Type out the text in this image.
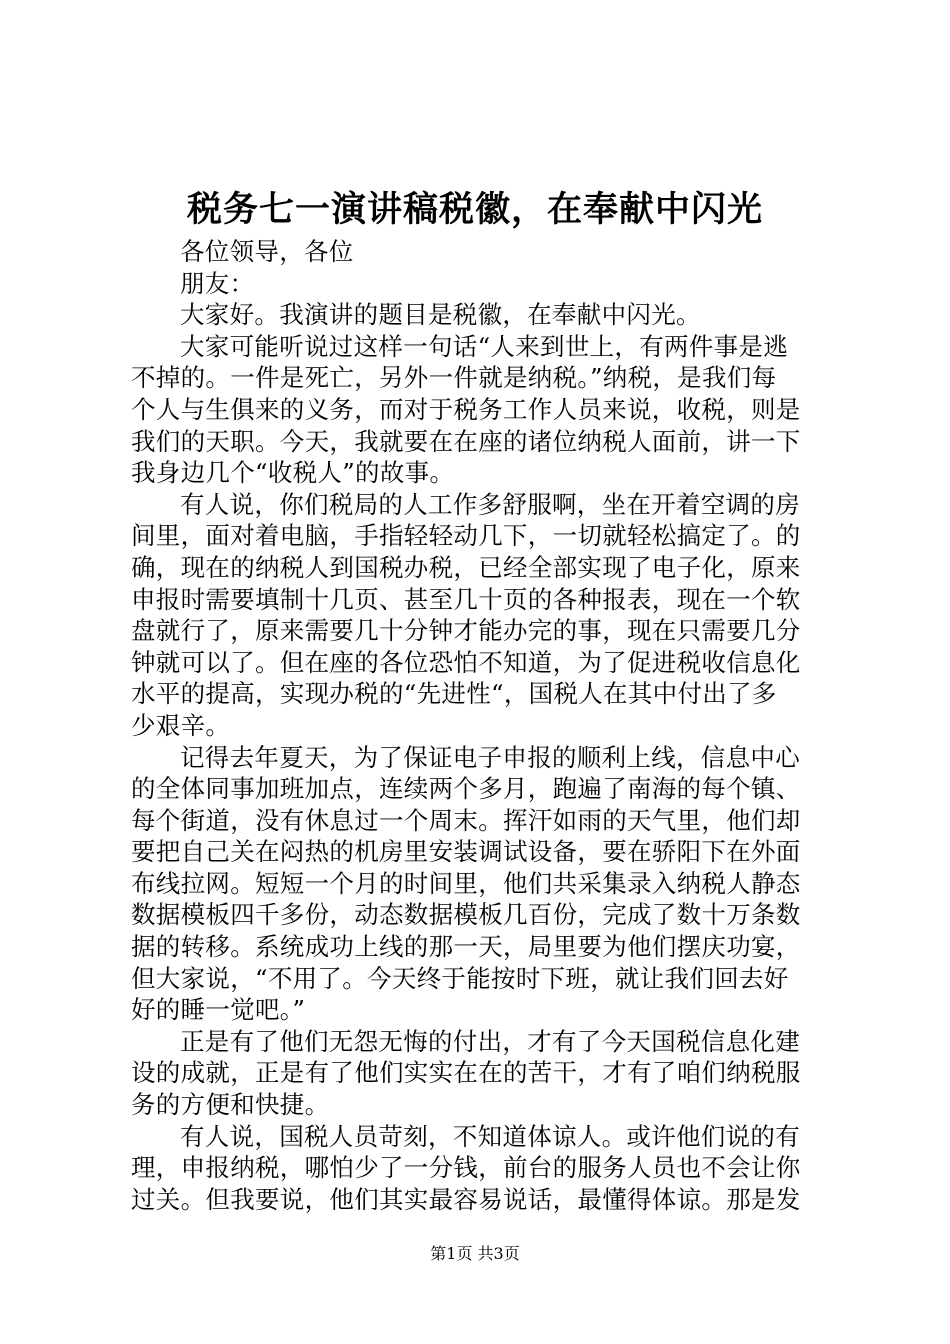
税务七一演讲稿税徽，在奉献中闪光
各位领导，各位
朋友：
大家好。我演讲的题目是税徽，在奉献中闪光。
大家可能听说过这样一句话“人来到世上，有两件事是逃
不掉的。一件是死亡，另外一件就是纳税。”纳税，是我们每
个人与生俱来的义务，而对于税务工作人员来说，收税，则是
我们的天职。今天，我就要在在座的诸位纳税人面前，讲一下
我身边几个“收税人”的故事。
有人说，你们税局的人工作多舒服啊，坐在开着空调的房
间里，面对着电脑，手指轻轻动几下，一切就轻松搞定了。的
确，现在的纳税人到国税办税，已经全部实现了电子化，原来
申报时需要填制十几页、甚至几十页的各种报表，现在一个软
盘就行了，原来需要几十分钟才能办完的事，现在只需要几分
钟就可以了。但在座的各位恐怕不知道，为了促进税收信息化
水平的提高，实现办税的“先进性“，国税人在其中付出了多
少艰辛。
记得去年夏天，为了保证电子申报的顺利上线，信息中心
的全体同事加班加点，连续两个多月，跑遍了南海的每个镇、
每个街道，没有休息过一个周末。挥汗如雨的天气里，他们却
要把自己关在闷热的机房里安装调试设备，要在骄阳下在外面
布线拉网。短短一个月的时间里，他们共采集录入纳税人静态
数据模板四千多份，动态数据模板几百份，完成了数十万条数
据的转移。系统成功上线的那一天，局里要为他们摆庆功宴，
但大家说，“不用了。今天终于能按时下班，就让我们回去好
好的睡一觉吧。”
正是有了他们无怨无悔的付出，才有了今天国税信息化建
设的成就，正是有了他们实实在在的苦干，才有了咱们纳税服
务的方便和快捷。
有人说，国税人员苛刻，不知道体谅人。或许他们说的有
理，申报纳税，哪怕少了一分钱，前台的服务人员也不会让你
过关。但我要说，他们其实最容易说话，最懂得体谅。那是发
第1页 共3页
